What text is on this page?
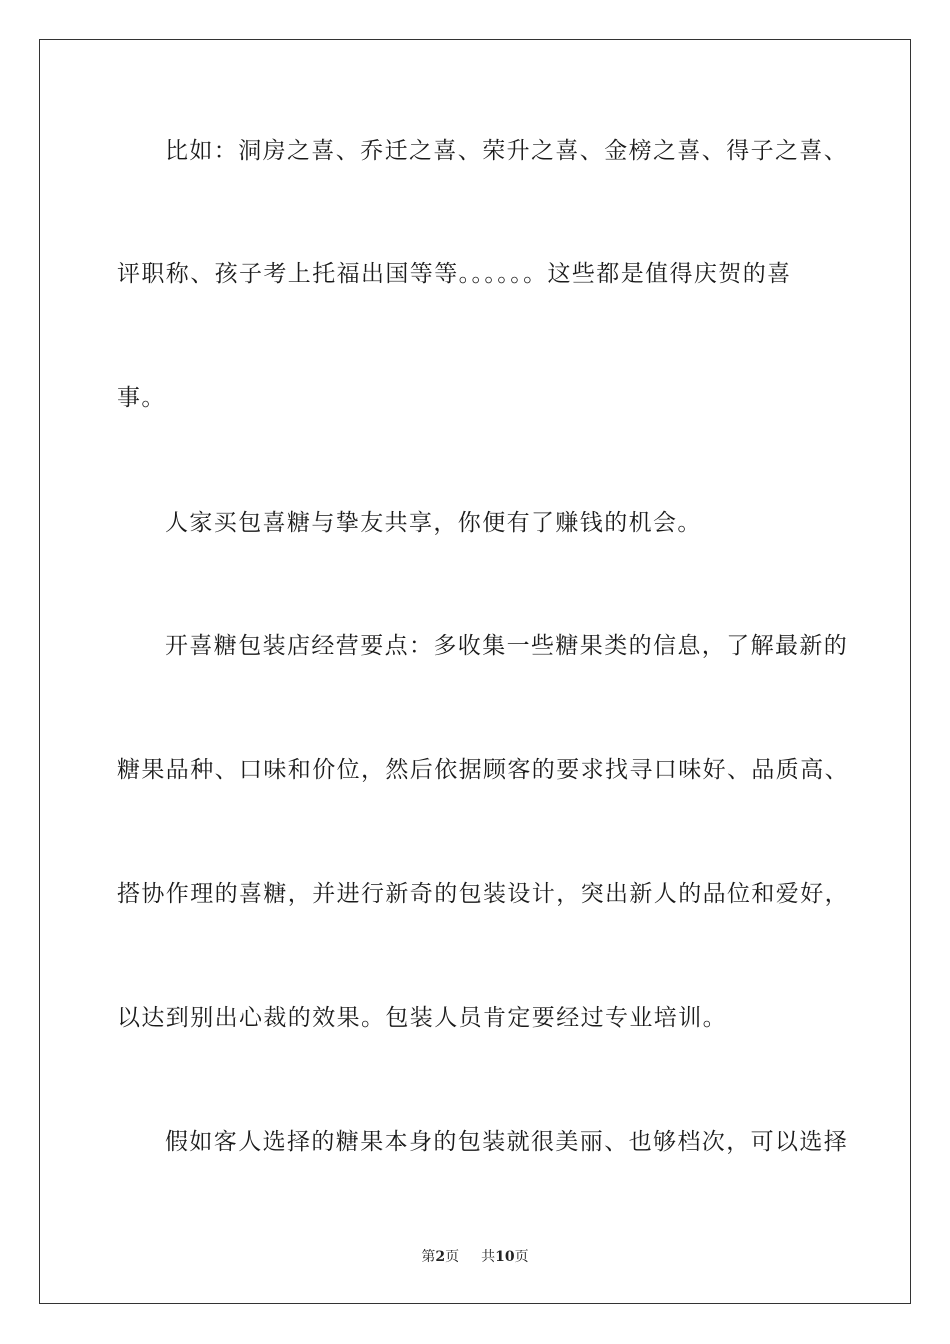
比如：洞房之喜、乔迁之喜、荣升之喜、金榜之喜、得子之喜、
评职称、孩子考上托福出国等等。。。。。。这些都是值得庆贺的喜
事。
人家买包喜糖与挚友共享，你便有了赚钱的机会。
开喜糖包装店经营要点：多收集一些糖果类的信息，了解最新的
糖果品种、口味和价位，然后依据顾客的要求找寻口味好、品质高、
搭协作理的喜糖，并进行新奇的包装设计，突出新人的品位和爱好，
以达到别出心裁的效果。包装人员肯定要经过专业培训。
假如客人选择的糖果本身的包装就很美丽、也够档次，可以选择
第2页 共10页
